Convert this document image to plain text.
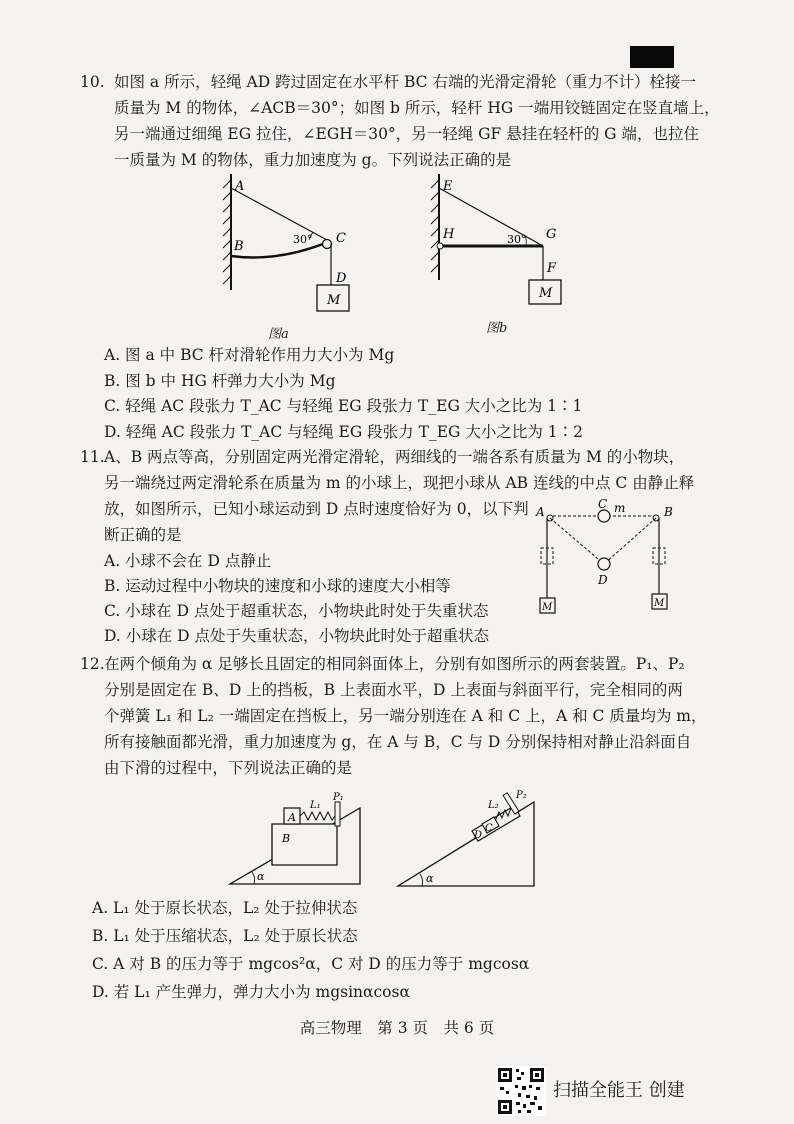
10. 如图 a 所示，轻绳 AD 跨过固定在水平杆 BC 右端的光滑定滑轮（重力不计）栓接一
质量为 M 的物体，∠ACB＝30°；如图 b 所示，轻杆 HG 一端用铰链固定在竖直墙上，
另一端通过细绳 EG 拉住，∠EGH＝30°，另一轻绳 GF 悬挂在轻杆的 G 端，也拉住
一质量为 M 的物体，重力加速度为 g。下列说法正确的是
A
B
C
D
M
30°
图a
E
H	G
F
M
30°
图b
A. 图 a 中 BC 杆对滑轮作用力大小为 Mg
B. 图 b 中 HG 杆弹力大小为 Mg
C. 轻绳 AC 段张力 T_AC 与轻绳 EG 段张力 T_EG 大小之比为 1∶1
D. 轻绳 AC 段张力 T_AC 与轻绳 EG 段张力 T_EG 大小之比为 1∶2
11. A、B 两点等高，分别固定两光滑定滑轮，两细线的一端各系有质量为 M 的小物块，
另一端绕过两定滑轮系在质量为 m 的小球上，现把小球从 AB 连线的中点 C 由静止释
放，如图所示，已知小球运动到 D 点时速度恰好为 0，以下判
断正确的是
A
C m	B
D
M	M
A. 小球不会在 D 点静止
B. 运动过程中小物块的速度和小球的速度大小相等
C. 小球在 D 点处于超重状态，小物块此时处于失重状态
D. 小球在 D 点处于失重状态，小物块此时处于超重状态
12. 在两个倾角为 α 足够长且固定的相同斜面体上，分别有如图所示的两套装置。P₁、P₂
分别是固定在 B、D 上的挡板，B 上表面水平，D 上表面与斜面平行，完全相同的两
个弹簧 L₁ 和 L₂ 一端固定在挡板上，另一端分别连在 A 和 C 上，A 和 C 质量均为 m，
所有接触面都光滑，重力加速度为 g，在 A 与 B，C 与 D 分别保持相对静止沿斜面自
由下滑的过程中，下列说法正确的是
A
L₁
P₁
B
α
L₂
P₂
C
D
α
A. L₁ 处于原长状态，L₂ 处于拉伸状态
B. L₁ 处于压缩状态，L₂ 处于原长状态
C. A 对 B 的压力等于 mgcos²α，C 对 D 的压力等于 mgcosα
D. 若 L₁ 产生弹力，弹力大小为 mgsinαcosα
高三物理　第 3 页　共 6 页
扫描全能王 创建
